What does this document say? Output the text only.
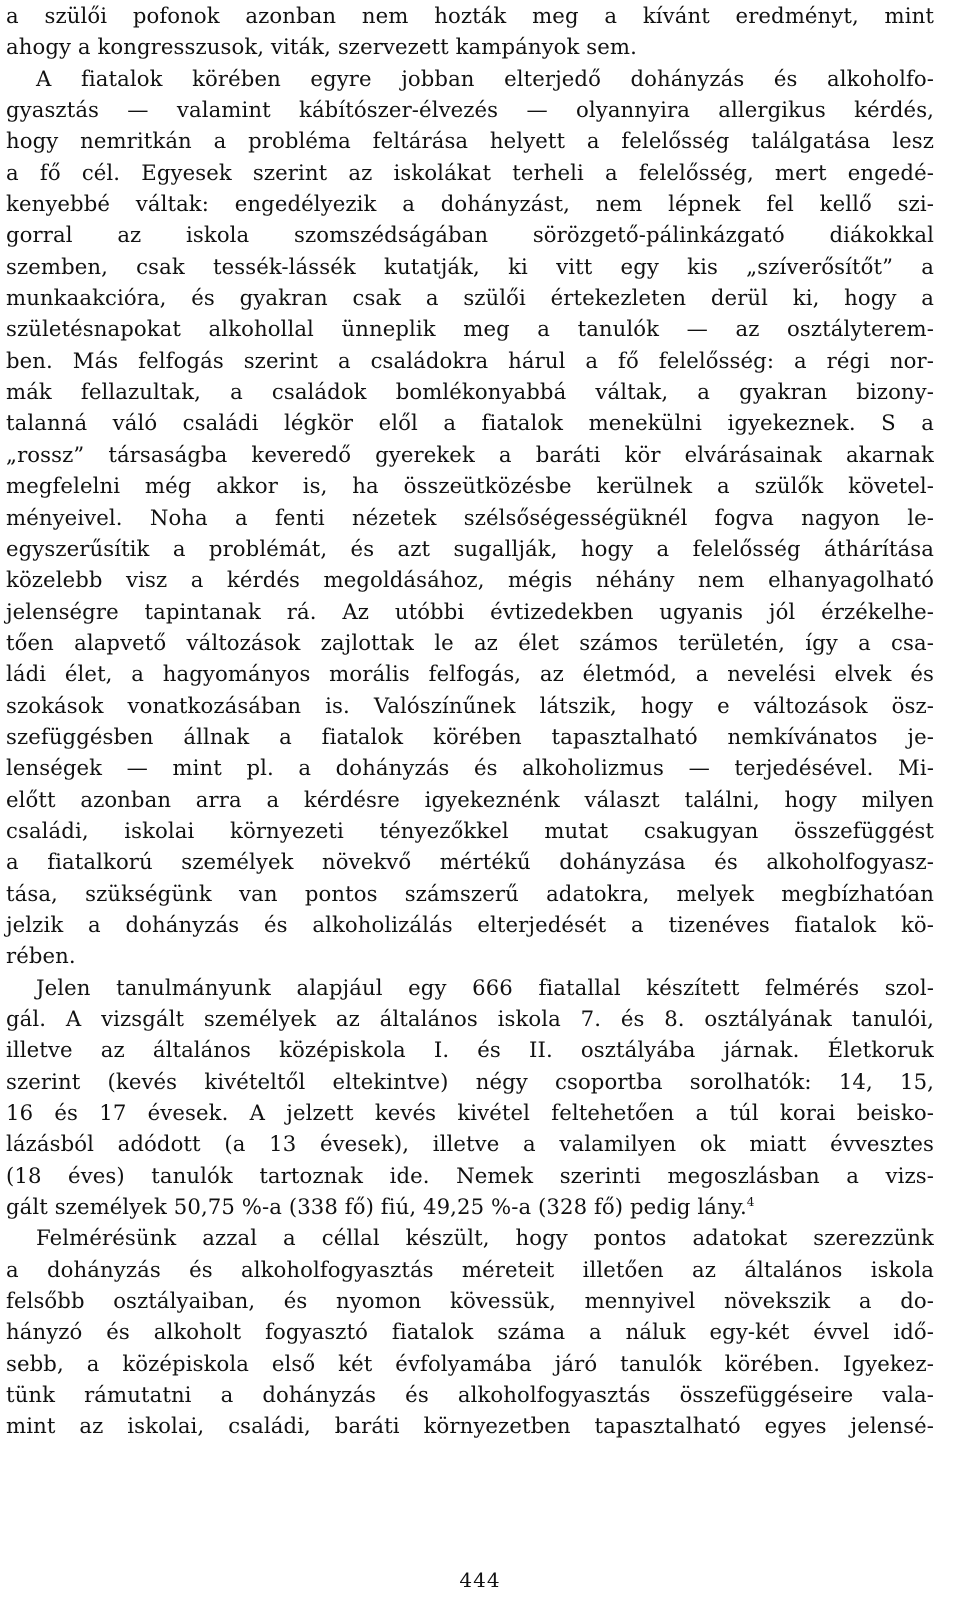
a szülői pofonok azonban nem hozták meg a kívánt eredményt, mint
ahogy a kongresszusok, viták, szervezett kampányok sem.
A fiatalok körében egyre jobban elterjedő dohányzás és alkoholfo-
gyasztás — valamint kábítószer-élvezés — olyannyira allergikus kérdés,
hogy nemritkán a probléma feltárása helyett a felelősség találgatása lesz
a fő cél. Egyesek szerint az iskolákat terheli a felelősség, mert engedé-
kenyebbé váltak: engedélyezik a dohányzást, nem lépnek fel kellő szi-
gorral az iskola szomszédságában sörözgető-pálinkázgató diákokkal
szemben, csak tessék-lássék kutatják, ki vitt egy kis „szíverősítőt” a
munkaakcióra, és gyakran csak a szülői értekezleten derül ki, hogy a
születésnapokat alkohollal ünneplik meg a tanulók — az osztályterem-
ben. Más felfogás szerint a családokra hárul a fő felelősség: a régi nor-
mák fellazultak, a családok bomlékonyabbá váltak, a gyakran bizony-
talanná váló családi légkör elől a fiatalok menekülni igyekeznek. S a
„rossz” társaságba keveredő gyerekek a baráti kör elvárásainak akarnak
megfelelni még akkor is, ha összeütközésbe kerülnek a szülők követel-
ményeivel. Noha a fenti nézetek szélsőségességüknél fogva nagyon le-
egyszerűsítik a problémát, és azt sugallják, hogy a felelősség áthárítása
közelebb visz a kérdés megoldásához, mégis néhány nem elhanyagolható
jelenségre tapintanak rá. Az utóbbi évtizedekben ugyanis jól érzékelhe-
tően alapvető változások zajlottak le az élet számos területén, így a csa-
ládi élet, a hagyományos morális felfogás, az életmód, a nevelési elvek és
szokások vonatkozásában is. Valószínűnek látszik, hogy e változások ösz-
szefüggésben állnak a fiatalok körében tapasztalható nemkívánatos je-
lenségek — mint pl. a dohányzás és alkoholizmus — terjedésével. Mi-
előtt azonban arra a kérdésre igyekeznénk választ találni, hogy milyen
családi, iskolai környezeti tényezőkkel mutat csakugyan összefüggést
a fiatalkorú személyek növekvő mértékű dohányzása és alkoholfogyasz-
tása, szükségünk van pontos számszerű adatokra, melyek megbízhatóan
jelzik a dohányzás és alkoholizálás elterjedését a tizenéves fiatalok kö-
rében.
Jelen tanulmányunk alapjául egy 666 fiatallal készített felmérés szol-
gál. A vizsgált személyek az általános iskola 7. és 8. osztályának tanulói,
illetve az általános középiskola I. és II. osztályába járnak. Életkoruk
szerint (kevés kivételtől eltekintve) négy csoportba sorolhatók: 14, 15,
16 és 17 évesek. A jelzett kevés kivétel feltehetően a túl korai beisko-
lázásból adódott (a 13 évesek), illetve a valamilyen ok miatt évvesztes
(18 éves) tanulók tartoznak ide. Nemek szerinti megoszlásban a vizs-
gált személyek 50,75 %-a (338 fő) fiú, 49,25 %-a (328 fő) pedig lány.$^4$
Felmérésünk azzal a céllal készült, hogy pontos adatokat szerezzünk
a dohányzás és alkoholfogyasztás méreteit illetően az általános iskola
felsőbb osztályaiban, és nyomon kövessük, mennyivel növekszik a do-
hányzó és alkoholt fogyasztó fiatalok száma a náluk egy-két évvel idő-
sebb, a középiskola első két évfolyamába járó tanulók körében. Igyekez-
tünk rámutatni a dohányzás és alkoholfogyasztás összefüggéseire vala-
mint az iskolai, családi, baráti környezetben tapasztalható egyes jelensé-
444
